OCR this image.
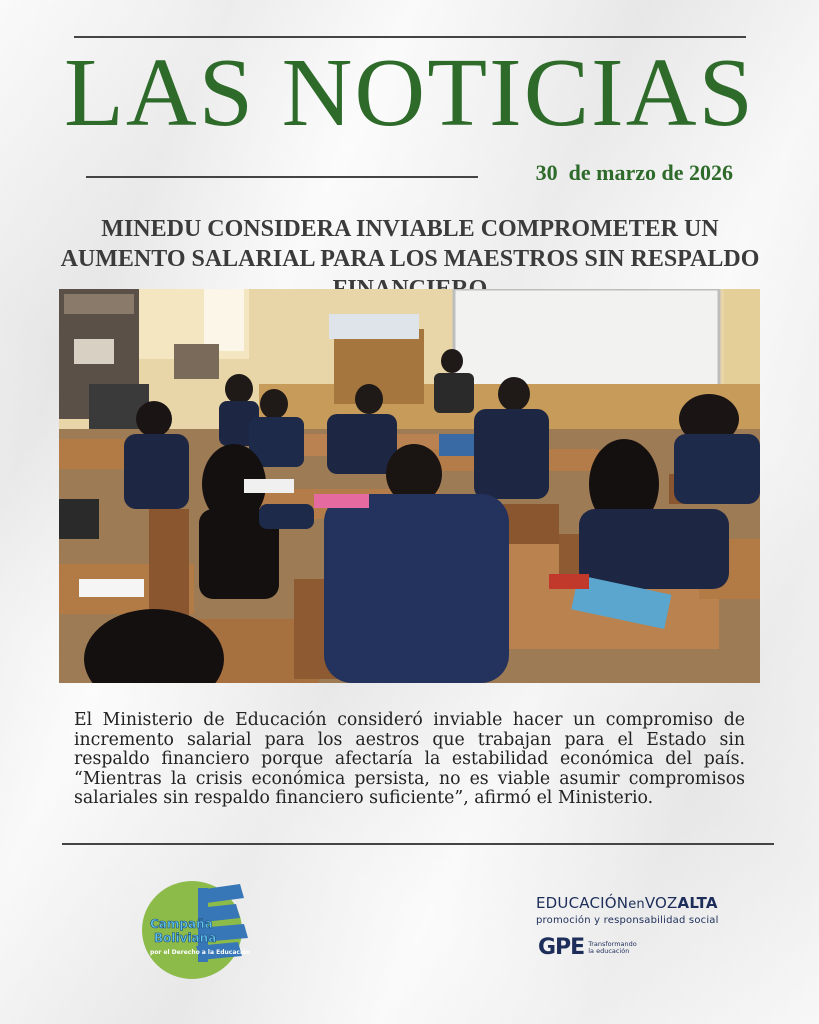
LAS NOTICIAS
30 de marzo de 2026
MINEDU CONSIDERA INVIABLE COMPROMETER UN AUMENTO SALARIAL PARA LOS MAESTROS SIN RESPALDO
El Ministerio de Educación consideró inviable hacer un compromiso de incremento salarial para los aestros que trabajan para el Estado sin respaldo financiero porque afectaría la estabilidad económica del país. “Mientras la crisis económica persista, no es viable asumir compromisos salariales sin respaldo financiero suficiente”, afirmó el Ministerio.
Campaña
Boliviana
por el Derecho a la Educación
EDUCACIÓNenVOZALTA
promoción y responsabilidad social
GPE Transformando la educación
